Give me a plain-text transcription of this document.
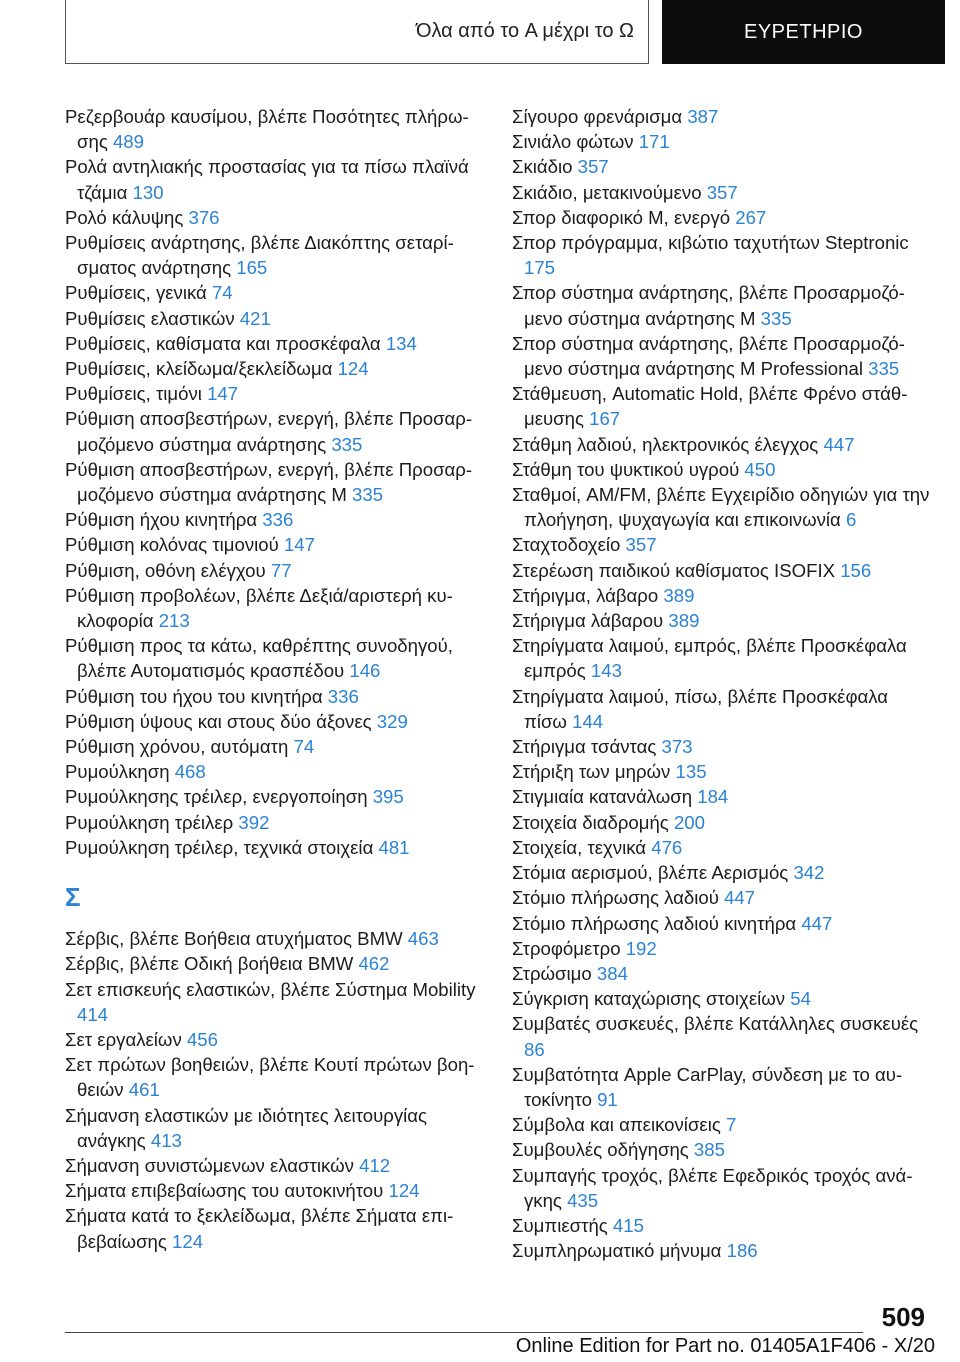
Όλα από το A μέχρι το Ω	ΕΥΡΕΤΗΡΙΟ
Ρεζερβουάρ καυσίμου, βλέπε Ποσότητες πλήρωσης 489
Ρολά αντηλιακής προστασίας για τα πίσω πλαϊνά τζάμια 130
Ρολό κάλυψης 376
Ρυθμίσεις ανάρτησης, βλέπε Διακόπτης σεταρίσματος ανάρτησης 165
Ρυθμίσεις, γενικά 74
Ρυθμίσεις ελαστικών 421
Ρυθμίσεις, καθίσματα και προσκέφαλα 134
Ρυθμίσεις, κλείδωμα/ξεκλείδωμα 124
Ρυθμίσεις, τιμόνι 147
Ρύθμιση αποσβεστήρων, ενεργή, βλέπε Προσαρμοζόμενο σύστημα ανάρτησης 335
Ρύθμιση αποσβεστήρων, ενεργή, βλέπε Προσαρμοζόμενο σύστημα ανάρτησης M 335
Ρύθμιση ήχου κινητήρα 336
Ρύθμιση κολόνας τιμονιού 147
Ρύθμιση, οθόνη ελέγχου 77
Ρύθμιση προβολέων, βλέπε Δεξιά/αριστερή κυκλοφορία 213
Ρύθμιση προς τα κάτω, καθρέπτης συνοδηγού, βλέπε Αυτοματισμός κρασπέδου 146
Ρύθμιση του ήχου του κινητήρα 336
Ρύθμιση ύψους και στους δύο άξονες 329
Ρύθμιση χρόνου, αυτόματη 74
Ρυμούλκηση 468
Ρυμούλκησης τρέιλερ, ενεργοποίηση 395
Ρυμούλκηση τρέιλερ 392
Ρυμούλκηση τρέιλερ, τεχνικά στοιχεία 481
Σ
Σέρβις, βλέπε Βοήθεια ατυχήματος BMW 463
Σέρβις, βλέπε Οδική βοήθεια BMW 462
Σετ επισκευής ελαστικών, βλέπε Σύστημα Mobility 414
Σετ εργαλείων 456
Σετ πρώτων βοηθειών, βλέπε Κουτί πρώτων βοηθειών 461
Σήμανση ελαστικών με ιδιότητες λειτουργίας ανάγκης 413
Σήμανση συνιστώμενων ελαστικών 412
Σήματα επιβεβαίωσης του αυτοκινήτου 124
Σήματα κατά το ξεκλείδωμα, βλέπε Σήματα επιβεβαίωσης 124
Σίγουρο φρενάρισμα 387
Σινιάλο φώτων 171
Σκιάδιο 357
Σκιάδιο, μετακινούμενο 357
Σπορ διαφορικό M, ενεργό 267
Σπορ πρόγραμμα, κιβώτιο ταχυτήτων Steptronic 175
Σπορ σύστημα ανάρτησης, βλέπε Προσαρμοζόμενο σύστημα ανάρτησης M 335
Σπορ σύστημα ανάρτησης, βλέπε Προσαρμοζόμενο σύστημα ανάρτησης M Professional 335
Στάθμευση, Automatic Hold, βλέπε Φρένο στάθμευσης 167
Στάθμη λαδιού, ηλεκτρονικός έλεγχος 447
Στάθμη του ψυκτικού υγρού 450
Σταθμοί, AM/FM, βλέπε Εγχειρίδιο οδηγιών για την πλοήγηση, ψυχαγωγία και επικοινωνία 6
Σταχτοδοχείο 357
Στερέωση παιδικού καθίσματος ISOFIX 156
Στήριγμα, λάβαρο 389
Στήριγμα λάβαρου 389
Στηρίγματα λαιμού, εμπρός, βλέπε Προσκέφαλα εμπρός 143
Στηρίγματα λαιμού, πίσω, βλέπε Προσκέφαλα πίσω 144
Στήριγμα τσάντας 373
Στήριξη των μηρών 135
Στιγμιαία κατανάλωση 184
Στοιχεία διαδρομής 200
Στοιχεία, τεχνικά 476
Στόμια αερισμού, βλέπε Αερισμός 342
Στόμιο πλήρωσης λαδιού 447
Στόμιο πλήρωσης λαδιού κινητήρα 447
Στροφόμετρο 192
Στρώσιμο 384
Σύγκριση καταχώρισης στοιχείων 54
Συμβατές συσκευές, βλέπε Κατάλληλες συσκευές 86
Συμβατότητα Apple CarPlay, σύνδεση με το αυτοκίνητο 91
Σύμβολα και απεικονίσεις 7
Συμβουλές οδήγησης 385
Συμπαγής τροχός, βλέπε Εφεδρικός τροχός ανάγκης 435
Συμπιεστής 415
Συμπληρωματικό μήνυμα 186
509
Online Edition for Part no. 01405A1F406 - X/20
